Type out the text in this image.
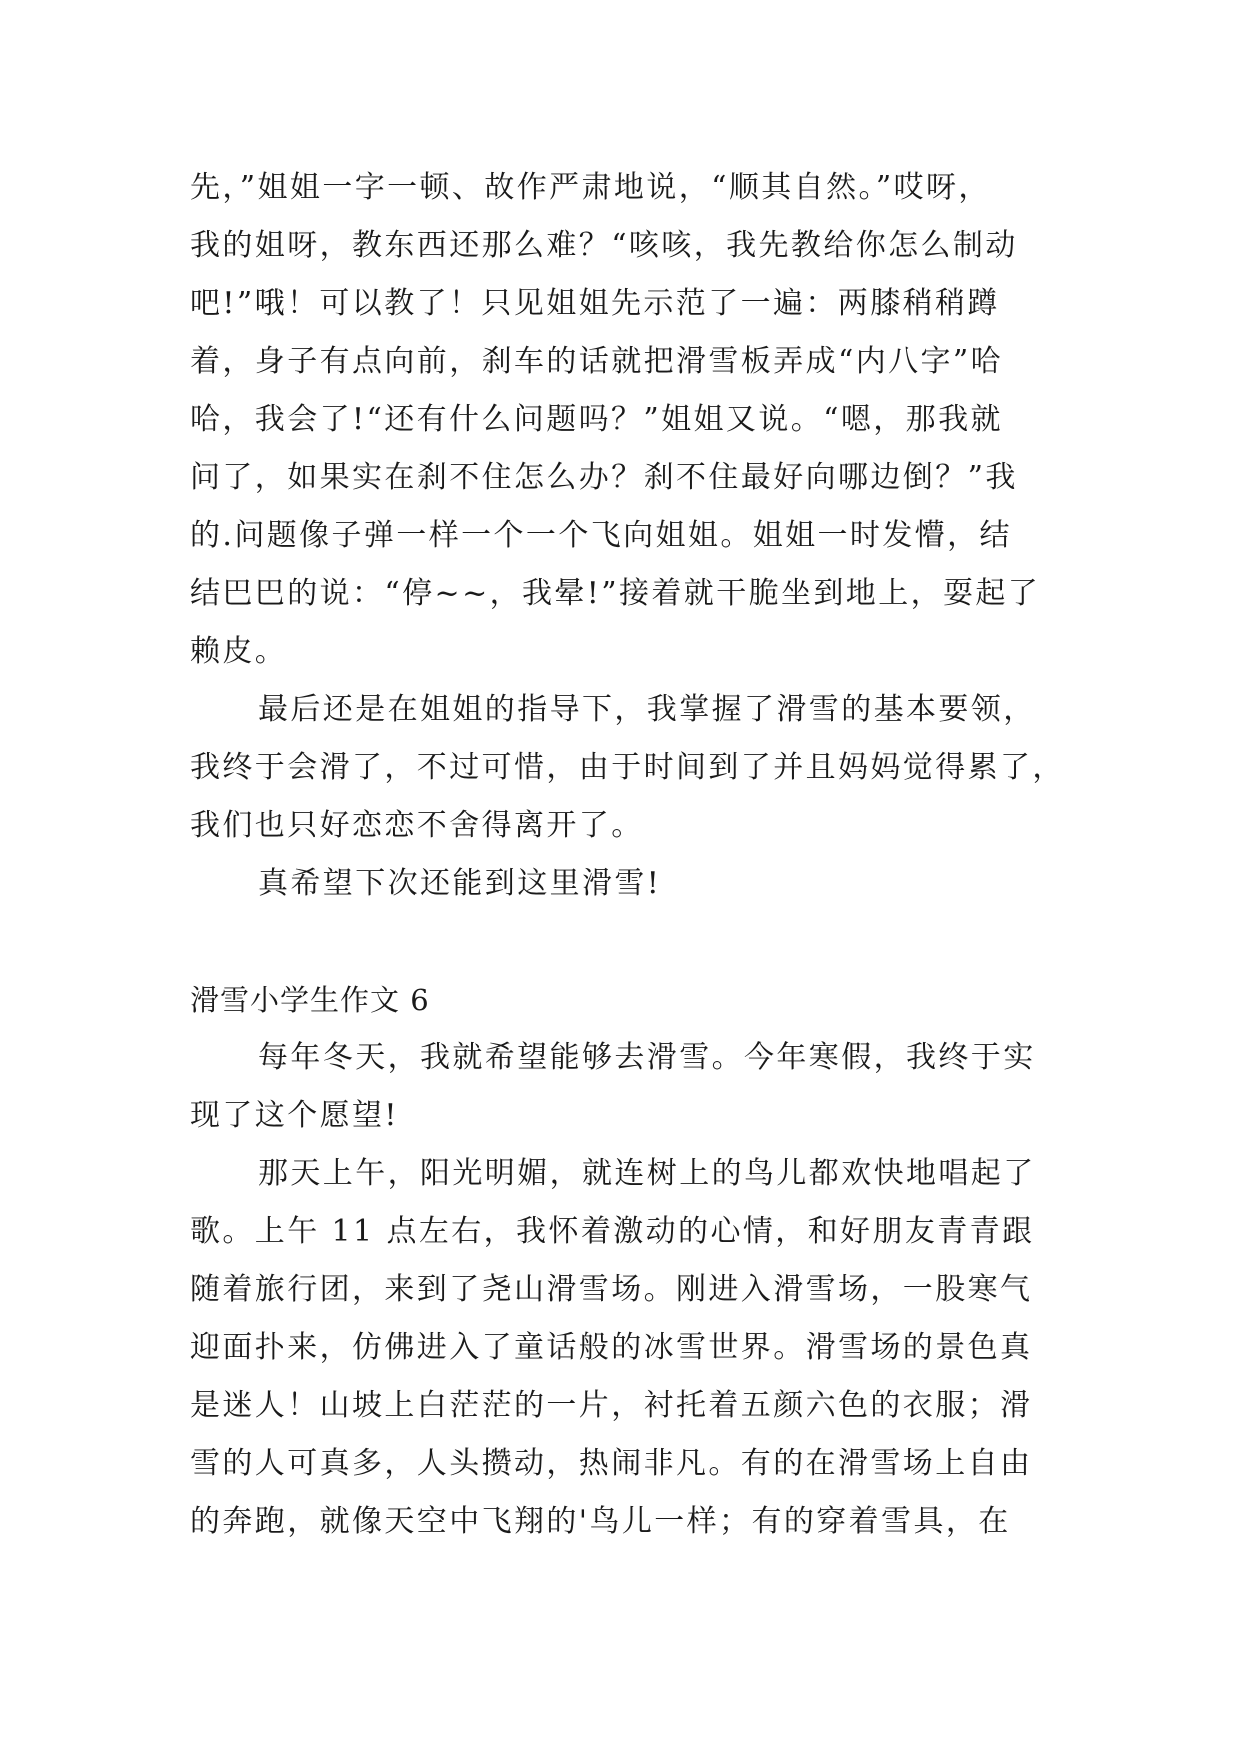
先，”姐姐一字一顿、故作严肃地说，“顺其自然。”哎呀，
我的姐呀，教东西还那么难？“咳咳，我先教给你怎么制动
吧!”哦！可以教了！只见姐姐先示范了一遍：两膝稍稍蹲
着，身子有点向前，刹车的话就把滑雪板弄成“内八字”哈
哈，我会了!“还有什么问题吗？”姐姐又说。“嗯，那我就
问了，如果实在刹不住怎么办？刹不住最好向哪边倒？”我
的.问题像子弹一样一个一个飞向姐姐。姐姐一时发懵，结
结巴巴的说：“停~~，我晕!”接着就干脆坐到地上，耍起了
赖皮。
最后还是在姐姐的指导下，我掌握了滑雪的基本要领，
我终于会滑了，不过可惜，由于时间到了并且妈妈觉得累了，
我们也只好恋恋不舍得离开了。
真希望下次还能到这里滑雪!
滑雪小学生作文 6
每年冬天，我就希望能够去滑雪。今年寒假，我终于实
现了这个愿望!
那天上午，阳光明媚，就连树上的鸟儿都欢快地唱起了
歌。上午 11 点左右，我怀着激动的心情，和好朋友青青跟
随着旅行团，来到了尧山滑雪场。刚进入滑雪场，一股寒气
迎面扑来，仿佛进入了童话般的冰雪世界。滑雪场的景色真
是迷人！山坡上白茫茫的一片，衬托着五颜六色的衣服；滑
雪的人可真多，人头攒动，热闹非凡。有的在滑雪场上自由
的奔跑，就像天空中飞翔的'鸟儿一样；有的穿着雪具，在
